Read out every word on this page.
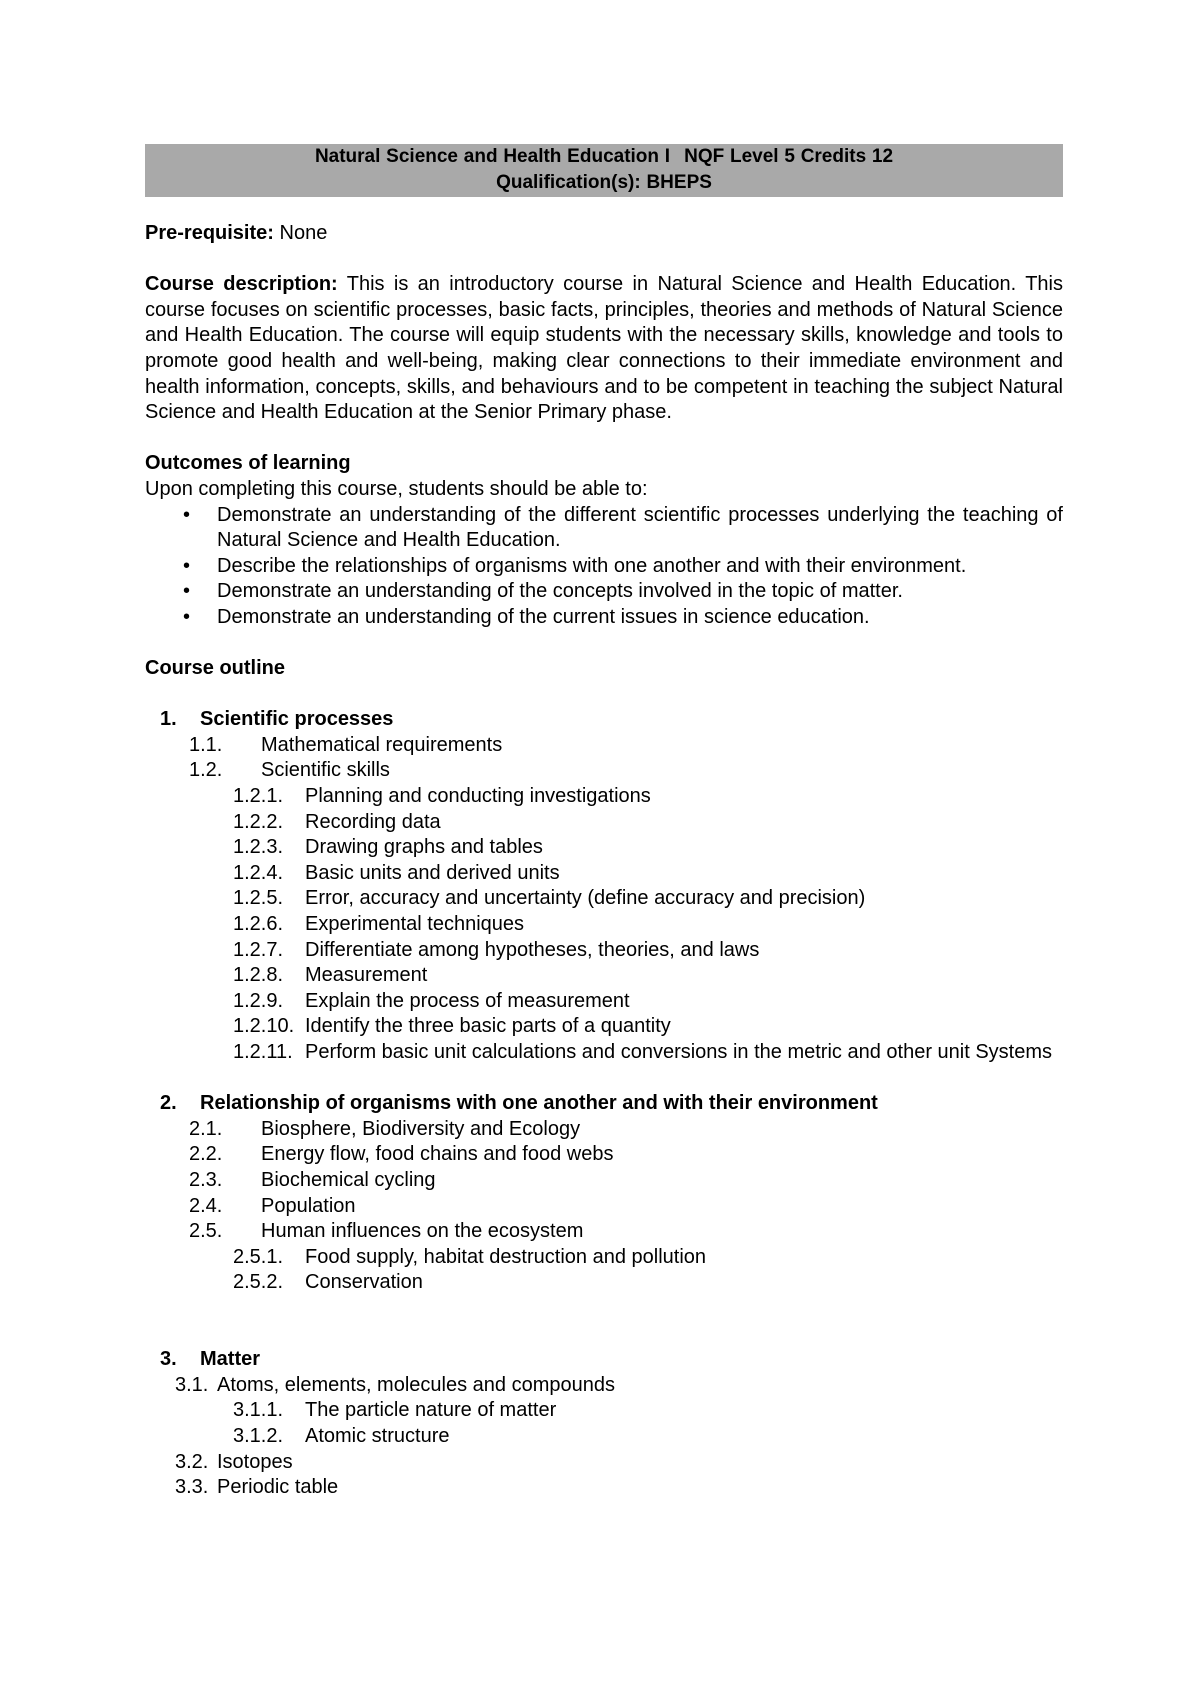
Natural Science and Health Education I NQF Level 5 Credits 12
Qualification(s): BHEPS

Pre-requisite: None

Course description: This is an introductory course in Natural Science and Health Education. This course focuses on scientific processes, basic facts, principles, theories and methods of Natural Science and Health Education. The course will equip students with the necessary skills, knowledge and tools to promote good health and well-being, making clear connections to their immediate environment and health information, concepts, skills, and behaviours and to be competent in teaching the subject Natural Science and Health Education at the Senior Primary phase.

Outcomes of learning

Upon completing this course, students should be able to:

• Demonstrate an understanding of the different scientific processes underlying the teaching of Natural Science and Health Education.
• Describe the relationships of organisms with one another and with their environment.
• Demonstrate an understanding of the concepts involved in the topic of matter.
• Demonstrate an understanding of the current issues in science education.

Course outline

1. Scientific processes
1.1. Mathematical requirements
1.2. Scientific skills
1.2.1. Planning and conducting investigations
1.2.2. Recording data
1.2.3. Drawing graphs and tables
1.2.4. Basic units and derived units
1.2.5. Error, accuracy and uncertainty (define accuracy and precision)
1.2.6. Experimental techniques
1.2.7. Differentiate among hypotheses, theories, and laws
1.2.8. Measurement
1.2.9. Explain the process of measurement
1.2.10. Identify the three basic parts of a quantity
1.2.11. Perform basic unit calculations and conversions in the metric and other unit Systems
2. Relationship of organisms with one another and with their environment
2.1. Biosphere, Biodiversity and Ecology
2.2. Energy flow, food chains and food webs
2.3. Biochemical cycling
2.4. Population
2.5. Human influences on the ecosystem
2.5.1. Food supply, habitat destruction and pollution
2.5.2. Conservation
3. Matter
3.1. Atoms, elements, molecules and compounds
3.1.1. The particle nature of matter
3.1.2. Atomic structure
3.2. Isotopes
3.3. Periodic table
